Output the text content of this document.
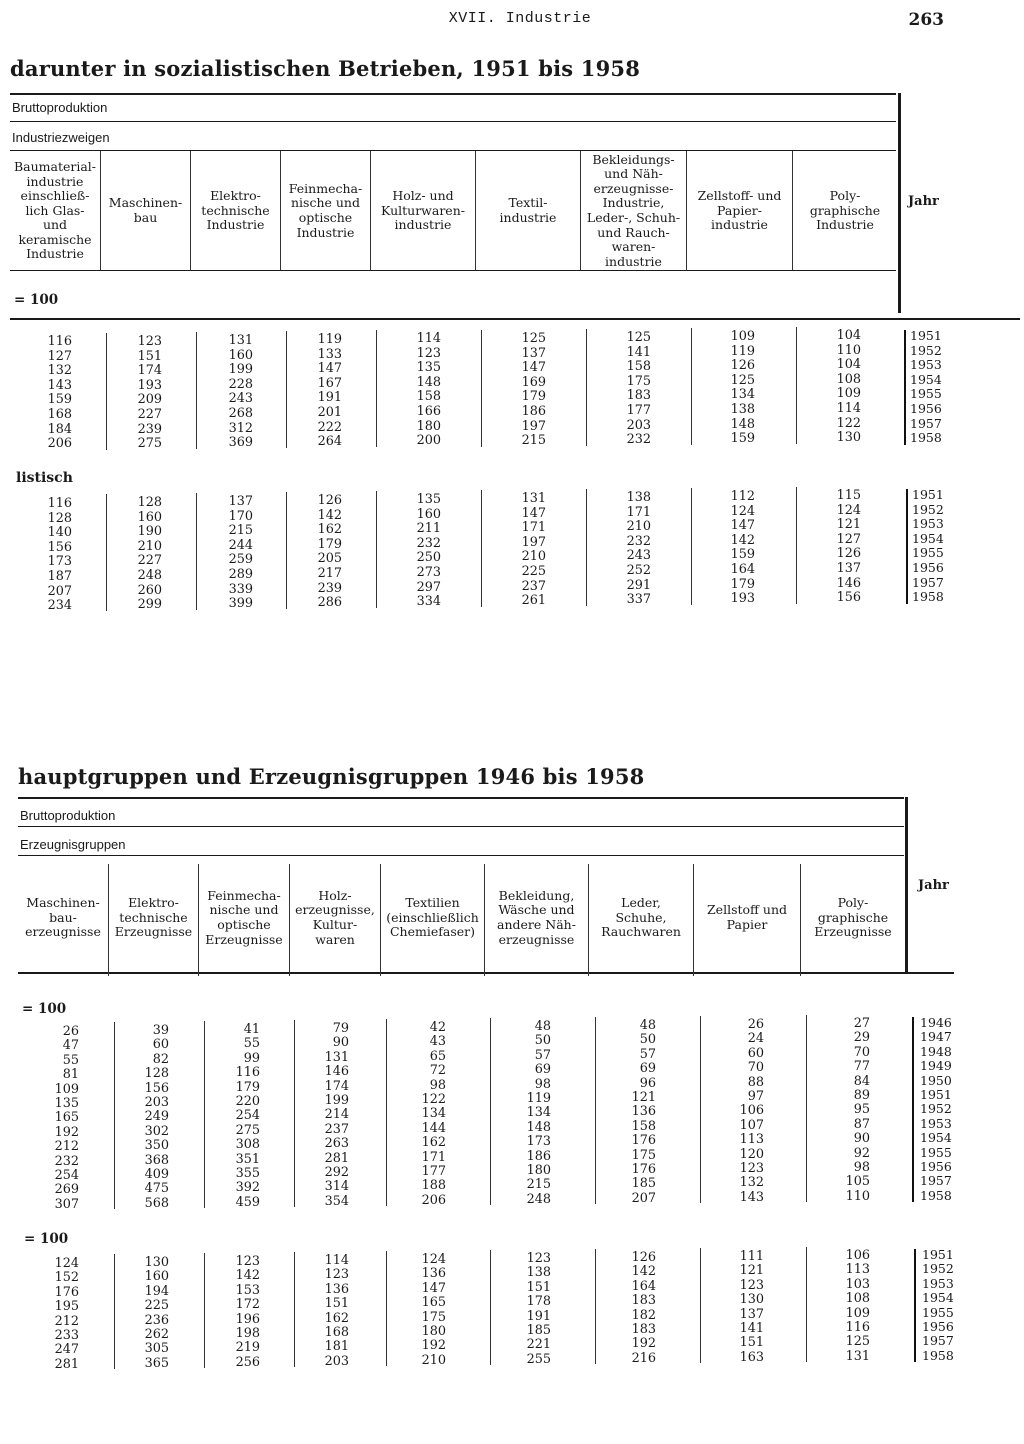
XVII. Industrie	263
darunter in sozialistischen Betrieben, 1951 bis 1958
Bruttoproduktion
Industriezweigen
Baumaterial-
industrie
einschließ-
lich Glas-
und
keramische
Industrie
Maschinen-
bau
Elektro-
technische
Industrie
Feinmecha-
nische und
optische
Industrie
Holz- und
Kulturwaren-
industrie
Textil-
industrie
Bekleidungs-
und Näh-
erzeugnisse-
Industrie,
Leder-, Schuh-
und Rauch-
waren-
industrie
Zellstoff- und
Papier-
industrie
Poly-
graphische
Industrie
Jahr
= 100
listisch
116
127
132
143
159
168
184
206
123
151
174
193
209
227
239
275
131
160
199
228
243
268
312
369
119
133
147
167
191
201
222
264
114
123
135
148
158
166
180
200
125
137
147
169
179
186
197
215
125
141
158
175
183
177
203
232
109
119
126
125
134
138
148
159
104
110
104
108
109
114
122
130
1951
1952
1953
1954
1955
1956
1957
1958
116
128
140
156
173
187
207
234
128
160
190
210
227
248
260
299
137
170
215
244
259
289
339
399
126
142
162
179
205
217
239
286
135
160
211
232
250
273
297
334
131
147
171
197
210
225
237
261
138
171
210
232
243
252
291
337
112
124
147
142
159
164
179
193
115
124
121
127
126
137
146
156
1951
1952
1953
1954
1955
1956
1957
1958
hauptgruppen und Erzeugnisgruppen 1946 bis 1958
Bruttoproduktion
Erzeugnisgruppen
Maschinen-
bau-
erzeugnisse
Elektro-
technische
Erzeugnisse
Feinmecha-
nische und
optische
Erzeugnisse
Holz-
erzeugnisse,
Kultur-
waren
Textilien
(einschließlich
Chemiefaser)
Bekleidung,
Wäsche und
andere Näh-
erzeugnisse
Leder,
Schuhe,
Rauchwaren
Zellstoff und
Papier
Poly-
graphische
Erzeugnisse
Jahr
= 100
= 100
26
47
55
81
109
135
165
192
212
232
254
269
307
39
60
82
128
156
203
249
302
350
368
409
475
568
41
55
99
116
179
220
254
275
308
351
355
392
459
79
90
131
146
174
199
214
237
263
281
292
314
354
42
43
65
72
98
122
134
144
162
171
177
188
206
48
50
57
69
98
119
134
148
173
186
180
215
248
48
50
57
69
96
121
136
158
176
175
176
185
207
26
24
60
70
88
97
106
107
113
120
123
132
143
27
29
70
77
84
89
95
87
90
92
98
105
110
1946
1947
1948
1949
1950
1951
1952
1953
1954
1955
1956
1957
1958
124
152
176
195
212
233
247
281
130
160
194
225
236
262
305
365
123
142
153
172
196
198
219
256
114
123
136
151
162
168
181
203
124
136
147
165
175
180
192
210
123
138
151
178
191
185
221
255
126
142
164
183
182
183
192
216
111
121
123
130
137
141
151
163
106
113
103
108
109
116
125
131
1951
1952
1953
1954
1955
1956
1957
1958
